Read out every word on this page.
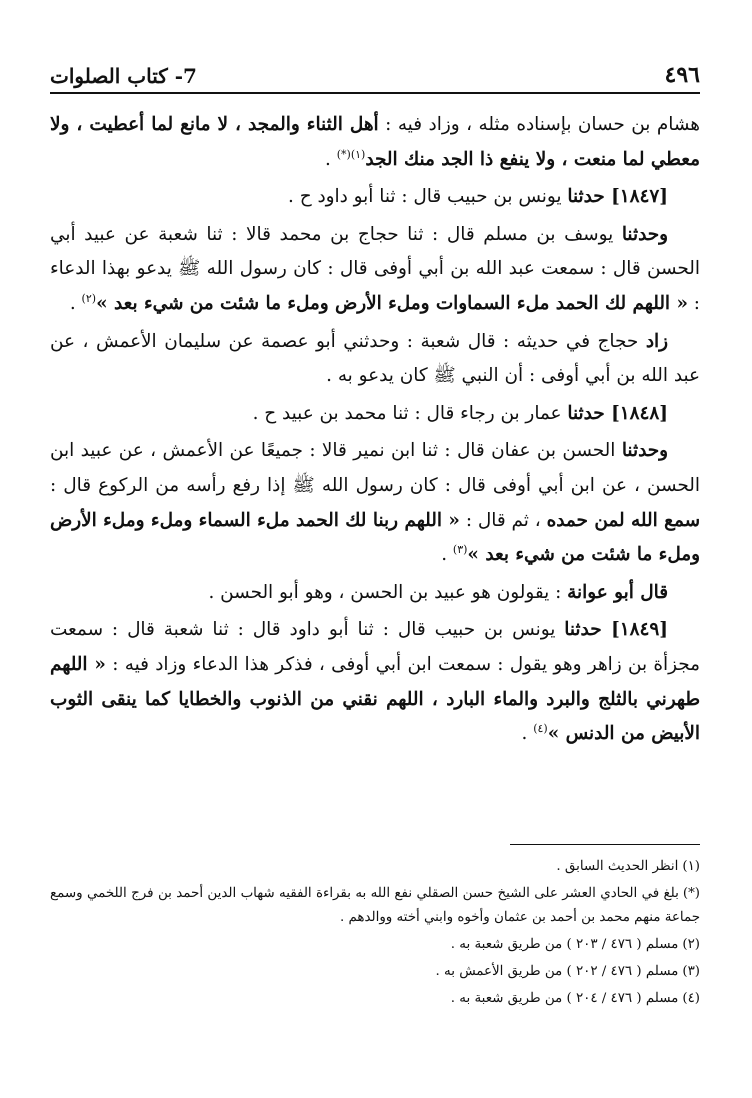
٤٩٦
7- كتاب الصلوات

هشام بن حسان بإسناده مثله ، وزاد فيه : أهل الثناء والمجد ، لا مانع لما أعطيت ، ولا معطي لما منعت ، ولا ينفع ذا الجد منك الجد$^{(١)(*)}$ .

[١٨٤٧] حدثنا يونس بن حبيب قال : ثنا أبو داود ح .

وحدثنا يوسف بن مسلم قال : ثنا حجاج بن محمد قالا : ثنا شعبة عن عبيد أبي الحسن قال : سمعت عبد الله بن أبي أوفى قال : كان رسول الله ﷺ يدعو بهذا الدعاء : « اللهم لك الحمد ملء السماوات وملء الأرض وملء ما شئت من شيء بعد »$^{(٢)}$ .

زاد حجاج في حديثه : قال شعبة : وحدثني أبو عصمة عن سليمان الأعمش ، عن عبد الله بن أبي أوفى : أن النبي ﷺ كان يدعو به .

[١٨٤٨] حدثنا عمار بن رجاء قال : ثنا محمد بن عبيد ح .

وحدثنا الحسن بن عفان قال : ثنا ابن نمير قالا : جميعًا عن الأعمش ، عن عبيد ابن الحسن ، عن ابن أبي أوفى قال : كان رسول الله ﷺ إذا رفع رأسه من الركوع قال : سمع الله لمن حمده ، ثم قال : « اللهم ربنا لك الحمد ملء السماء وملء وملء الأرض وملء ما شئت من شيء بعد »$^{(٣)}$ .

قال أبو عوانة : يقولون هو عبيد بن الحسن ، وهو أبو الحسن .

[١٨٤٩] حدثنا يونس بن حبيب قال : ثنا أبو داود قال : ثنا شعبة قال : سمعت مجزأة بن زاهر وهو يقول : سمعت ابن أبي أوفى ، فذكر هذا الدعاء وزاد فيه : « اللهم طهرني بالثلج والبرد والماء البارد ، اللهم نقني من الذنوب والخطايا كما ينقى الثوب الأبيض من الدنس »$^{(٤)}$ .

(١)انظر الحديث السابق .

(*)بلغ في الحادي العشر على الشيخ حسن الصقلي نفع الله به بقراءة الفقيه شهاب الدين أحمد بن فرج اللخمي وسمع جماعة منهم محمد بن أحمد بن عثمان وأخوه وابني أخته ووالدهم .

(٢)مسلم ( ٤٧٦ / ٢٠٣ ) من طريق شعبة به .

(٣)مسلم ( ٤٧٦ / ٢٠٢ ) من طريق الأعمش به .

(٤)مسلم ( ٤٧٦ / ٢٠٤ ) من طريق شعبة به .
